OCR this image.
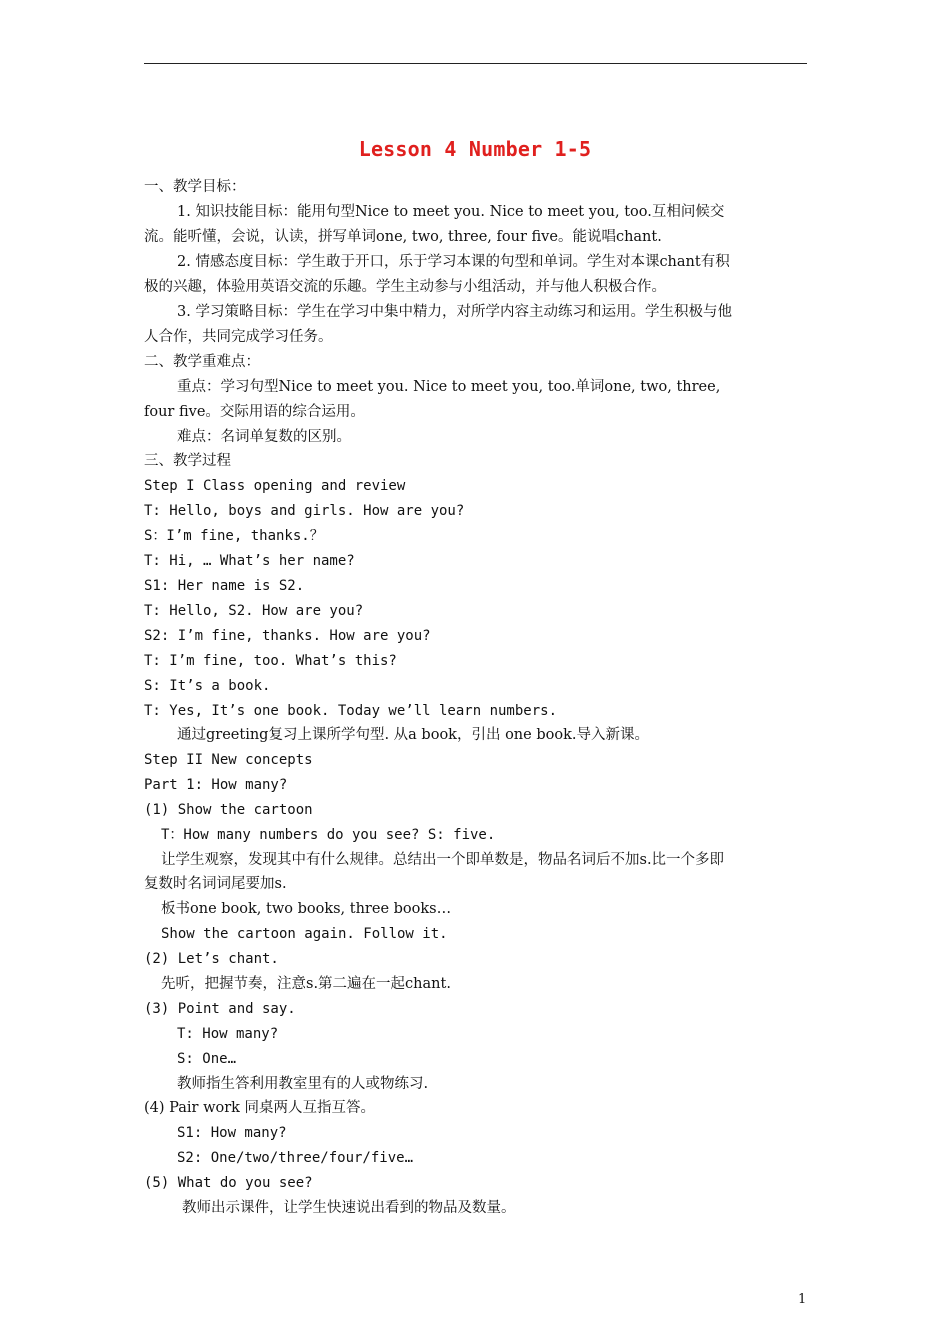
Lesson 4 Number 1-5
一、教学目标：
1. 知识技能目标：能用句型Nice to meet you. Nice to meet you, too.互相问候交
流。能听懂，会说，认读，拼写单词one, two, three, four five。能说唱chant.
2. 情感态度目标：学生敢于开口，乐于学习本课的句型和单词。学生对本课chant有积
极的兴趣，体验用英语交流的乐趣。学生主动参与小组活动，并与他人积极合作。
3. 学习策略目标：学生在学习中集中精力，对所学内容主动练习和运用。学生积极与他
人合作，共同完成学习任务。
二、教学重难点：
重点：学习句型Nice to meet you. Nice to meet you, too.单词one, two, three,
four five。交际用语的综合运用。
难点：名词单复数的区别。
三、教学过程
Step I Class opening and review
T: Hello, boys and girls. How are you?
S：I’m fine, thanks.？
T: Hi, … What’s her name?
S1: Her name is S2.
T: Hello, S2. How are you?
S2: I’m fine, thanks. How are you?
T: I’m fine, too. What’s this?
S: It’s a book.
T: Yes, It’s one book. Today we’ll learn numbers.
通过greeting复习上课所学句型. 从a book，引出 one book.导入新课。
Step II New concepts
Part 1: How many?
(1) Show the cartoon
T：How many numbers do you see? S: five.
让学生观察，发现其中有什么规律。总结出一个即单数是，物品名词后不加s.比一个多即
复数时名词词尾要加s.
板书one book, two books, three books…
Show the cartoon again. Follow it.
(2) Let’s chant.
先听，把握节奏，注意s.第二遍在一起chant.
(3) Point and say.
T: How many?
S: One…
教师指生答利用教室里有的人或物练习.
(4) Pair work 同桌两人互指互答。
S1: How many?
S2: One/two/three/four/five…
(5) What do you see?
教师出示课件，让学生快速说出看到的物品及数量。
1
